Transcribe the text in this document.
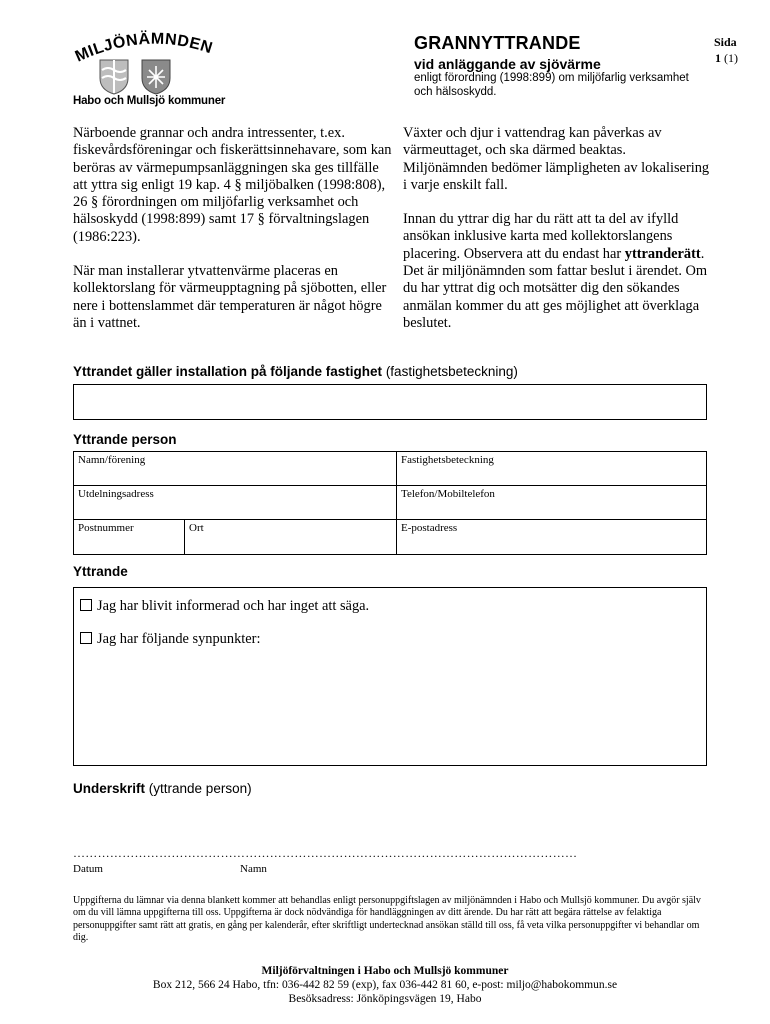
MILJÖNÄMNDEN
Habo och Mullsjö kommuner
GRANNYTTRANDE
vid anläggande av sjövärme
enligt förordning (1998:899) om miljöfarlig verksamhet och hälsoskydd.
Sida
1 (1)

Närboende grannar och andra intressenter, t.ex. fiskevårdsföreningar och fiskerättsinnehavare, som kan beröras av värmepumpsanläggningen ska ges tillfälle att yttra sig enligt 19 kap. 4 § miljöbalken (1998:808), 26 § förordningen om miljöfarlig verksamhet och hälsoskydd (1998:899) samt 17 § förvaltningslagen (1986:223).

När man installerar ytvattenvärme placeras en kollektorslang för värmeupptagning på sjöbotten, eller nere i bottenslammet där temperaturen är något högre än i vattnet.

Växter och djur i vattendrag kan påverkas av värmeuttaget, och ska därmed beaktas. Miljönämnden bedömer lämpligheten av lokalisering i varje enskilt fall.

Innan du yttrar dig har du rätt att ta del av ifylld ansökan inklusive karta med kollektorslangens placering. Observera att du endast har yttranderätt. Det är miljönämnden som fattar beslut i ärendet. Om du har yttrat dig och motsätter dig den sökandes anmälan kommer du att ges möjlighet att överklaga beslutet.

Yttrandet gäller installation på följande fastighet (fastighetsbeteckning)
Yttrande person
Namn/förening	Fastighetsbeteckning
Utdelningsadress	Telefon/Mobiltelefon
Postnummer	Ort	E-postadress
Yttrande
Jag har blivit informerad och har inget att säga.
Jag har följande synpunkter:
Underskrift (yttrande person)
……………………………………………………………………………………………………………
Datum	Namn
Uppgifterna du lämnar via denna blankett kommer att behandlas enligt personuppgiftslagen av miljönämnden i Habo och Mullsjö kommuner. Du avgör själv om du vill lämna uppgifterna till oss. Uppgifterna är dock nödvändiga för handläggningen av ditt ärende. Du har rätt att begära rättelse av felaktiga personuppgifter samt rätt att gratis, en gång per kalenderår, efter skriftligt undertecknad ansökan ställd till oss, få veta vilka personuppgifter vi behandlar om dig.
Miljöförvaltningen i Habo och Mullsjö kommuner
Box 212, 566 24 Habo, tfn: 036-442 82 59 (exp), fax 036-442 81 60, e-post: miljo@habokommun.se
Besöksadress: Jönköpingsvägen 19, Habo
